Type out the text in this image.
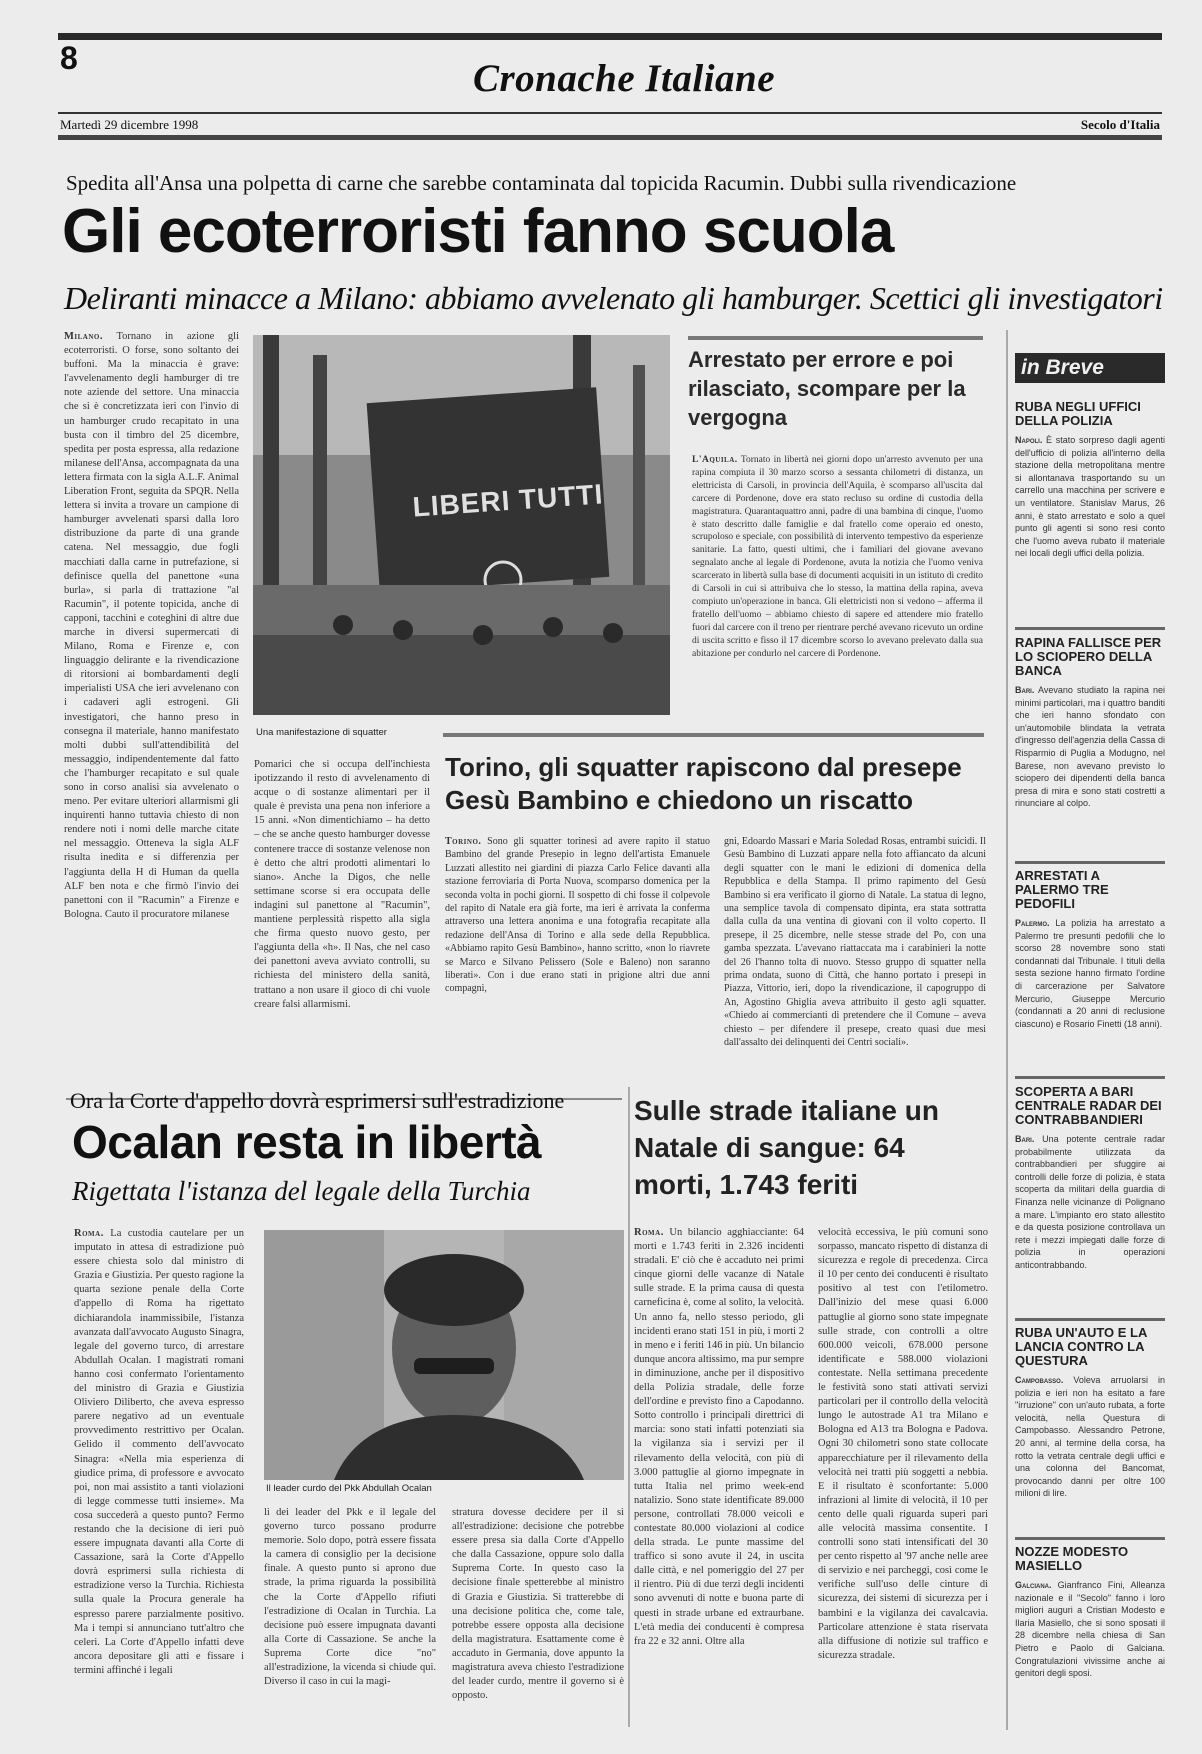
8	Cronache Italiane
Martedì 29 dicembre 1998	Secolo d'Italia
Spedita all'Ansa una polpetta di carne che sarebbe contaminata dal topicida Racumin. Dubbi sulla rivendicazione
Gli ecoterroristi fanno scuola
Deliranti minacce a Milano: abbiamo avvelenato gli hamburger. Scettici gli investigatori
Milano. Tornano in azione gli ecoterroristi. O forse, sono soltanto dei buffoni. Ma la minaccia è grave: l'avvelenamento degli hamburger di tre note aziende del settore. Una minaccia che si è concretizzata ieri con l'invio di un hamburger crudo recapitato in una busta con il timbro del 25 dicembre, spedita per posta espressa, alla redazione milanese dell'Ansa, accompagnata da una lettera firmata con la sigla A.L.F. Animal Liberation Front, seguita da SPQR. Nella lettera si invita a trovare un campione di hamburger avvelenati sparsi dalla loro distribuzione da parte di una grande catena. Nel messaggio, due fogli macchiati dalla carne in putrefazione, si definisce quella del panettone «una burla», si parla di trattazione "al Racumin", il potente topicida, anche di capponi, tacchini e coteghini di altre due marche in diversi supermercati di Milano, Roma e Firenze e, con linguaggio delirante e la rivendicazione di ritorsioni ai bombardamenti degli imperialisti USA che ieri avvelenano con i cadaveri agli estrogeni. Gli investigatori, che hanno preso in consegna il materiale, hanno manifestato molti dubbi sull'attendibilità del messaggio, indipendentemente dal fatto che l'hamburger recapitato e sul quale sono in corso analisi sia avvelenato o meno. Per evitare ulteriori allarmismi gli inquirenti hanno tuttavia chiesto di non rendere noti i nomi delle marche citate nel messaggio. Otteneva la sigla ALF risulta inedita e si differenzia per l'aggiunta della H di Human da quella ALF ben nota e che firmò l'invio dei panettoni con il "Racumin" a Firenze e Bologna. Cauto il procuratore milanese
LIBERI TUTTI
Una manifestazione di squatter
Pomarici che si occupa dell'inchiesta ipotizzando il resto di avvelenamento di acque o di sostanze alimentari per il quale è prevista una pena non inferiore a 15 anni. «Non dimentichiamo – ha detto – che se anche questo hamburger dovesse contenere tracce di sostanze velenose non è detto che altri prodotti alimentari lo siano». Anche la Digos, che nelle settimane scorse si era occupata delle indagini sul panettone al "Racumin", mantiene perplessità rispetto alla sigla che firma questo nuovo gesto, per l'aggiunta della «h». Il Nas, che nel caso dei panettoni aveva avviato controlli, su richiesta del ministero della sanità, trattano a non usare il gioco di chi vuole creare falsi allarmismi.
Arrestato per errore e poi rilasciato, scompare per la vergogna
L'Aquila. Tornato in libertà nei giorni dopo un'arresto avvenuto per una rapina compiuta il 30 marzo scorso a sessanta chilometri di distanza, un elettricista di Carsoli, in provincia dell'Aquila, è scomparso all'uscita dal carcere di Pordenone, dove era stato recluso su ordine di custodia della magistratura. Quarantaquattro anni, padre di una bambina di cinque, l'uomo è stato descritto dalle famiglie e dal fratello come operaio ed onesto, scrupoloso e speciale, con possibilità di intervento tempestivo da esperienze sanitarie. La fatto, questi ultimi, che i familiari del giovane avevano segnalato anche al legale di Pordenone, avuta la notizia che l'uomo veniva scarcerato in libertà sulla base di documenti acquisiti in un istituto di credito di Carsoli in cui si attribuiva che lo stesso, la mattina della rapina, aveva compiuto un'operazione in banca. Gli elettricisti non si vedono – afferma il fratello dell'uomo – abbiamo chiesto di sapere ed attendere mio fratello fuori dal carcere con il treno per rientrare perché avevano ricevuto un ordine di uscita scritto e fisso il 17 dicembre scorso lo avevano prelevato dalla sua abitazione per condurlo nel carcere di Pordenone.
Torino, gli squatter rapiscono dal presepe Gesù Bambino e chiedono un riscatto
Torino. Sono gli squatter torinesi ad avere rapito il statuo Bambino del grande Presepio in legno dell'artista Emanuele Luzzati allestito nei giardini di piazza Carlo Felice davanti alla stazione ferroviaria di Porta Nuova, scomparso domenica per la seconda volta in pochi giorni. Il sospetto di chi fosse il colpevole del rapito di Natale era già forte, ma ieri è arrivata la conferma attraverso una lettera anonima e una fotografia recapitate alla redazione dell'Ansa di Torino e alla sede della Repubblica. «Abbiamo rapito Gesù Bambino», hanno scritto, «non lo riavrete se Marco e Silvano Pelissero (Sole e Baleno) non saranno liberati». Con i due erano stati in prigione altri due anni compagni,
gni, Edoardo Massari e Maria Soledad Rosas, entrambi suicidi. Il Gesù Bambino di Luzzati appare nella foto affiancato da alcuni degli squatter con le mani le edizioni di domenica della Repubblica e della Stampa. Il primo rapimento del Gesù Bambino si era verificato il giorno di Natale. La statua di legno, una semplice tavola di compensato dipinta, era stata sottratta dalla culla da una ventina di giovani con il volto coperto. Il presepe, il 25 dicembre, nelle stesse strade del Po, con una gamba spezzata. L'avevano riattaccata ma i carabinieri la notte del 26 l'hanno tolta di nuovo. Stesso gruppo di squatter nella prima ondata, suono di Città, che hanno portato i presepi in Piazza, Vittorio, ieri, dopo la rivendicazione, il capogruppo di An, Agostino Ghiglia aveva attribuito il gesto agli squatter. «Chiedo ai commercianti di pretendere che il Comune – aveva chiesto – per difendere il presepe, creato quasi due mesi dall'assalto dei delinquenti dei Centri sociali».
Ora la Corte d'appello dovrà esprimersi sull'estradizione
Ocalan resta in libertà
Rigettata l'istanza del legale della Turchia
Roma. La custodia cautelare per un imputato in attesa di estradizione può essere chiesta solo dal ministro di Grazia e Giustizia. Per questo ragione la quarta sezione penale della Corte d'appello di Roma ha rigettato dichiarandola inammissibile, l'istanza avanzata dall'avvocato Augusto Sinagra, legale del governo turco, di arrestare Abdullah Ocalan. I magistrati romani hanno così confermato l'orientamento del ministro di Grazia e Giustizia Oliviero Diliberto, che aveva espresso parere negativo ad un eventuale provvedimento restrittivo per Ocalan. Gelido il commento dell'avvocato Sinagra: «Nella mia esperienza di giudice prima, di professore e avvocato poi, non mai assistito a tanti violazioni di legge commesse tutti insieme». Ma cosa succederà a questo punto? Fermo restando che la decisione di ieri può essere impugnata davanti alla Corte di Cassazione, sarà la Corte d'Appello dovrà esprimersi sulla richiesta di estradizione verso la Turchia. Richiesta sulla quale la Procura generale ha espresso parere parzialmente positivo. Ma i tempi si annunciano tutt'altro che celeri. La Corte d'Appello infatti deve ancora depositare gli atti e fissare i termini affinché i legali
Il leader curdo del Pkk Abdullah Ocalan
li dei leader del Pkk e il legale del governo turco possano produrre memorie. Solo dopo, potrà essere fissata la camera di consiglio per la decisione finale. A questo punto si aprono due strade, la prima riguarda la possibilità che la Corte d'Appello rifiuti l'estradizione di Ocalan in Turchia. La decisione può essere impugnata davanti alla Corte di Cassazione. Se anche la Suprema Corte dice "no" all'estradizione, la vicenda si chiude qui. Diverso il caso in cui la magi-
stratura dovesse decidere per il sì all'estradizione: decisione che potrebbe essere presa sia dalla Corte d'Appello che dalla Cassazione, oppure solo dalla Suprema Corte. In questo caso la decisione finale spetterebbe al ministro di Grazia e Giustizia. Si tratterebbe di una decisione politica che, come tale, potrebbe essere opposta alla decisione della magistratura. Esattamente come è accaduto in Germania, dove appunto la magistratura aveva chiesto l'estradizione del leader curdo, mentre il governo si è opposto.
Sulle strade italiane un Natale di sangue: 64 morti, 1.743 feriti
Roma. Un bilancio agghiacciante: 64 morti e 1.743 feriti in 2.326 incidenti stradali. E' ciò che è accaduto nei primi cinque giorni delle vacanze di Natale sulle strade. E la prima causa di questa carneficina è, come al solito, la velocità. Un anno fa, nello stesso periodo, gli incidenti erano stati 151 in più, i morti 2 in meno e i feriti 146 in più. Un bilancio dunque ancora altissimo, ma pur sempre in diminuzione, anche per il dispositivo della Polizia stradale, delle forze dell'ordine e previsto fino a Capodanno. Sotto controllo i principali direttrici di marcia: sono stati infatti potenziati sia la vigilanza sia i servizi per il rilevamento della velocità, con più di 3.000 pattuglie al giorno impegnate in tutta Italia nel primo week-end natalizio. Sono state identificate 89.000 persone, controllati 78.000 veicoli e contestate 80.000 violazioni al codice della strada. Le punte massime del traffico si sono avute il 24, in uscita dalle città, e nel pomeriggio del 27 per il rientro. Più di due terzi degli incidenti sono avvenuti di notte e buona parte di questi in strade urbane ed extraurbane. L'età media dei conducenti è compresa fra 22 e 32 anni. Oltre alla
velocità eccessiva, le più comuni sono sorpasso, mancato rispetto di distanza di sicurezza e regole di precedenza. Circa il 10 per cento dei conducenti è risultato positivo al test con l'etilometro. Dall'inizio del mese quasi 6.000 pattuglie al giorno sono state impegnate sulle strade, con controlli a oltre 600.000 veicoli, 678.000 persone identificate e 588.000 violazioni contestate. Nella settimana precedente le festività sono stati attivati servizi particolari per il controllo della velocità lungo le autostrade A1 tra Milano e Bologna ed A13 tra Bologna e Padova. Ogni 30 chilometri sono state collocate apparecchiature per il rilevamento della velocità nei tratti più soggetti a nebbia. E il risultato è sconfortante: 5.000 infrazioni al limite di velocità, il 10 per cento delle quali riguarda superi pari alle velocità massima consentite. I controlli sono stati intensificati del 30 per cento rispetto al '97 anche nelle aree di servizio e nei parcheggi, così come le verifiche sull'uso delle cinture di sicurezza, dei sistemi di sicurezza per i bambini e la vigilanza dei cavalcavia. Particolare attenzione è stata riservata alla diffusione di notizie sul traffico e sicurezza stradale.
in Breve
RUBA NEGLI UFFICI DELLA POLIZIA
Napoli. È stato sorpreso dagli agenti dell'ufficio di polizia all'interno della stazione della metropolitana mentre si allontanava trasportando su un carrello una macchina per scrivere e un ventilatore. Stanislav Marus, 26 anni, è stato arrestato e solo a quel punto gli agenti si sono resi conto che l'uomo aveva rubato il materiale nei locali degli uffici della polizia.
RAPINA FALLISCE PER LO SCIOPERO DELLA BANCA
Bari. Avevano studiato la rapina nei minimi particolari, ma i quattro banditi che ieri hanno sfondato con un'automobile blindata la vetrata d'ingresso dell'agenzia della Cassa di Risparmio di Puglia a Modugno, nel Barese, non avevano previsto lo sciopero dei dipendenti della banca presa di mira e sono stati costretti a rinunciare al colpo.
ARRESTATI A PALERMO TRE PEDOFILI
Palermo. La polizia ha arrestato a Palermo tre presunti pedofili che lo scorso 28 novembre sono stati condannati dal Tribunale. I tituli della sesta sezione hanno firmato l'ordine di carcerazione per Salvatore Mercurio, Giuseppe Mercurio (condannati a 20 anni di reclusione ciascuno) e Rosario Finetti (18 anni).
SCOPERTA A BARI CENTRALE RADAR DEI CONTRABBANDIERI
Bari. Una potente centrale radar probabilmente utilizzata da contrabbandieri per sfuggire ai controlli delle forze di polizia, è stata scoperta da militari della guardia di Finanza nelle vicinanze di Polignano a mare. L'impianto ero stato allestito e da questa posizione controllava un rete i mezzi impiegati dalle forze di polizia in operazioni anticontrabbando.
RUBA UN'AUTO E LA LANCIA CONTRO LA QUESTURA
Campobasso. Voleva arruolarsi in polizia e ieri non ha esitato a fare "irruzione" con un'auto rubata, a forte velocità, nella Questura di Campobasso. Alessandro Petrone, 20 anni, al termine della corsa, ha rotto la vetrata centrale degli uffici e una colonna del Bancomat, provocando danni per oltre 100 milioni di lire.
NOZZE MODESTO MASIELLO
Galciana. Gianfranco Fini, Alleanza nazionale e il "Secolo" fanno i loro migliori auguri a Cristian Modesto e Ilaria Masiello, che si sono sposati il 28 dicembre nella chiesa di San Pietro e Paolo di Galciana. Congratulazioni vivissime anche ai genitori degli sposi.
